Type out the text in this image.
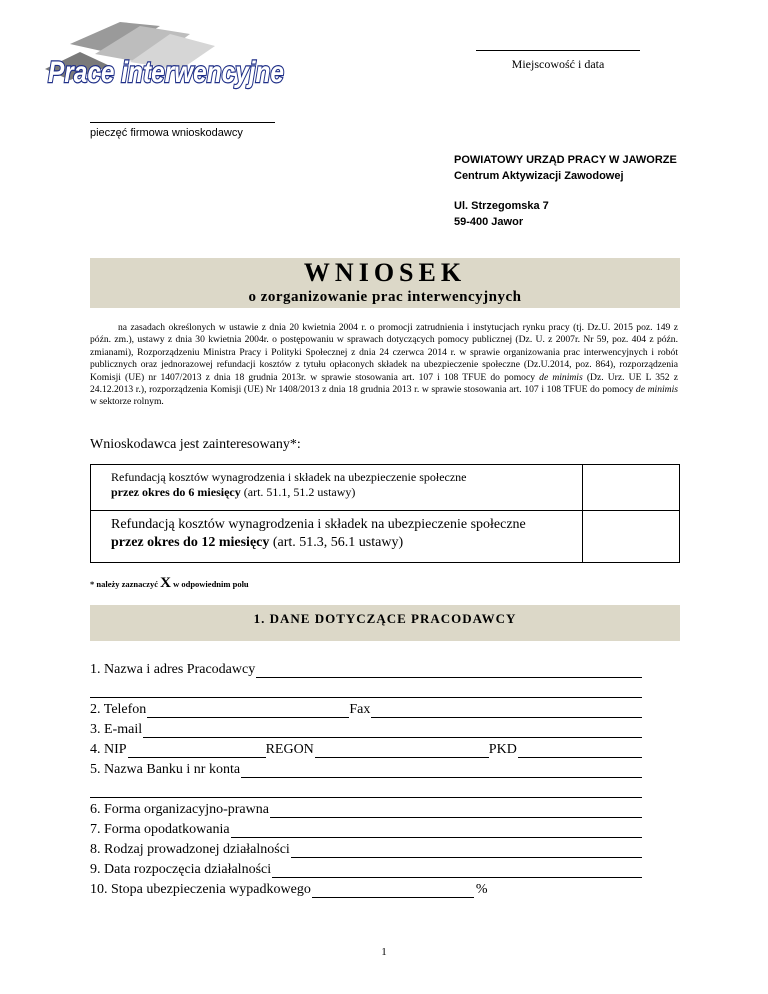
Prace interwencyjne	Miejscowość i data
pieczęć firmowa wnioskodawcy
POWIATOWY URZĄD PRACY W JAWORZE
Centrum Aktywizacji Zawodowej
Ul. Strzegomska 7
59-400 Jawor
WNIOSEK
o zorganizowanie prac interwencyjnych
na zasadach określonych w ustawie z dnia 20 kwietnia 2004 r. o promocji zatrudnienia i instytucjach rynku pracy (tj. Dz.U. 2015 poz. 149 z późn. zm.), ustawy z dnia 30 kwietnia 2004r. o postępowaniu w sprawach dotyczących pomocy publicznej (Dz. U. z 2007r. Nr 59, poz. 404 z późn. zmianami), Rozporządzeniu Ministra Pracy i Polityki Społecznej z dnia 24 czerwca 2014 r. w sprawie organizowania prac interwencyjnych i robót publicznych oraz jednorazowej refundacji kosztów z tytułu opłaconych składek na ubezpieczenie społeczne (Dz.U.2014, poz. 864), rozporządzenia Komisji (UE) nr 1407/2013 z dnia 18 grudnia 2013r. w sprawie stosowania art. 107 i 108 TFUE do pomocy de minimis (Dz. Urz. UE L 352 z 24.12.2013 r.), rozporządzenia Komisji (UE) Nr 1408/2013 z dnia 18 grudnia 2013 r. w sprawie stosowania art. 107 i 108 TFUE do pomocy de minimis w sektorze rolnym.
Wnioskodawca jest zainteresowany*:
Refundacją kosztów wynagrodzenia i składek na ubezpieczenie społeczne
przez okres do 6 miesięcy (art. 51.1, 51.2 ustawy)
Refundacją kosztów wynagrodzenia i składek na ubezpieczenie społeczne
przez okres do 12 miesięcy (art. 51.3, 56.1 ustawy)
* należy zaznaczyć X w odpowiednim polu
1. DANE DOTYCZĄCE PRACODAWCY
1. Nazwa i adres Pracodawcy
2. Telefon	Fax
3. E-mail
4. NIP	REGON	PKD
5. Nazwa Banku i nr konta
6. Forma organizacyjno-prawna
7. Forma opodatkowania
8. Rodzaj prowadzonej działalności
9. Data rozpoczęcia działalności
10. Stopa ubezpieczenia wypadkowego	%
1
